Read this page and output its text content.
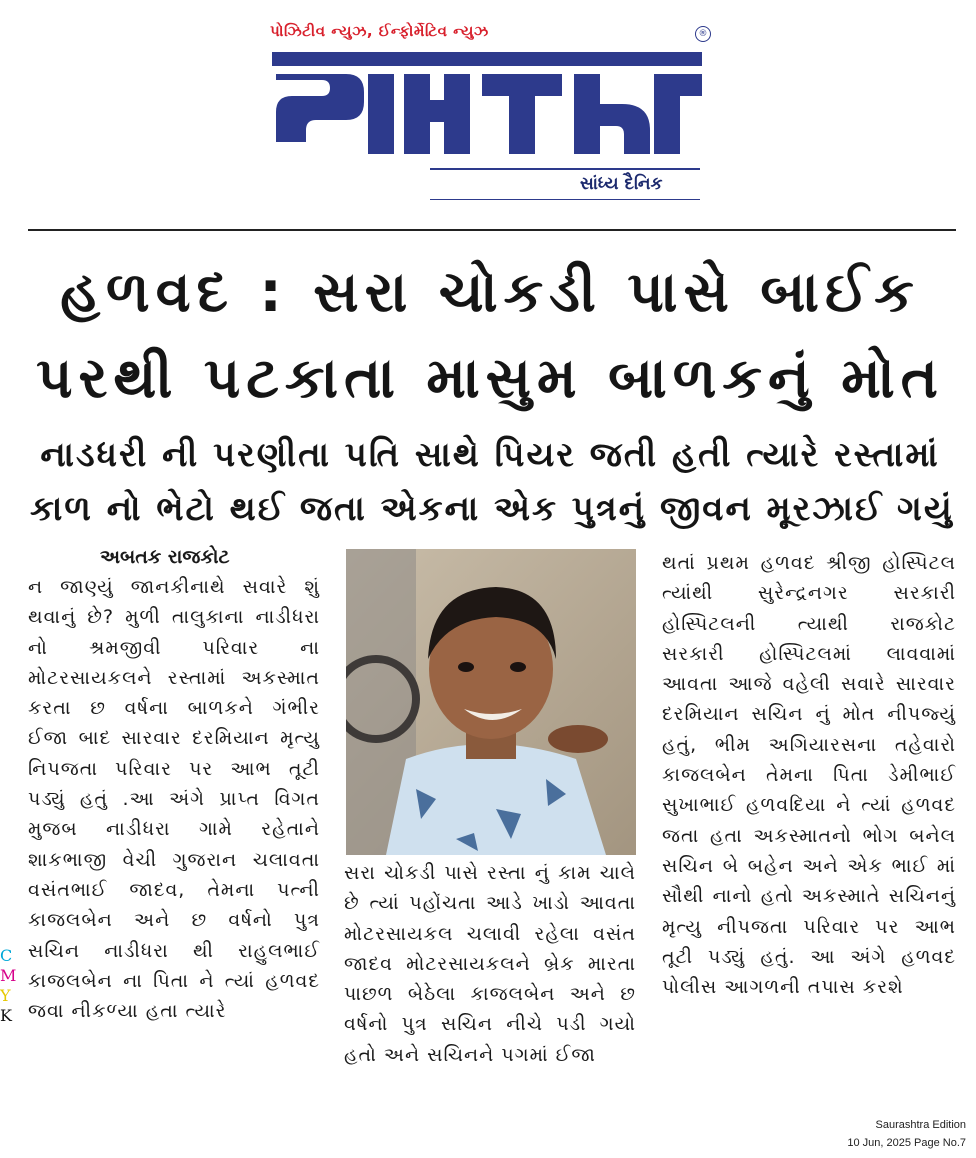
પોઝિટીવ ન્યુઝ, ઈન્ફોર્મેટિવ ન્યુઝ	®
સાંધ્ય દૈનિક
હળવદ : સરા ચોકડી પાસે બાઈક
પરથી પટકાતા માસુમ બાળકનું મોત
નાડધરી ની પરણીતા પતિ સાથે પિયર જતી હતી ત્યારે રસ્તામાં
કાળ નો ભેટો થઈ જતા એકના એક પુત્રનું જીવન મૂરઝાઈ ગયું
અબતક રાજકોટ
ન જાણ્યું જાનકીનાથે સવારે શું થવાનું છે? મુળી તાલુકાના નાડીધરા નો શ્રમજીવી પરિવાર ના મોટરસાયકલને રસ્તામાં અકસ્માત કરતા છ વર્ષના બાળકને ગંભીર ઈજા બાદ સારવાર દરમિયાન મૃત્યુ નિપજતા પરિવાર પર આભ તૂટી પડ્યું હતું .આ અંગે પ્રાપ્ત વિગત મુજબ નાડીધરા ગામે રહેતાને શાકભાજી વેચી ગુજરાન ચલાવતા વસંતભાઈ જાદવ, તેમના પત્ની કાજલબેન અને છ વર્ષનો પુત્ર સચિન નાડીધરા થી રાહુલભાઈ કાજલબેન ના પિતા ને ત્યાં હળવદ જવા નીકળ્યા હતા ત્યારે
સરા ચોકડી પાસે રસ્તા નું કામ ચાલે છે ત્યાં પહોંચતા આડે ખાડો આવતા મોટરસાયકલ ચલાવી રહેલા વસંત જાદવ મોટરસાયકલને બ્રેક મારતા પાછળ બેઠેલા કાજલબેન અને છ વર્ષનો પુત્ર સચિન નીચે પડી ગયો હતો અને સચિનને પગમાં ઈજા
થતાં પ્રથમ હળવદ શ્રીજી હોસ્પિટલ ત્યાંથી સુરેન્દ્રનગર સરકારી હોસ્પિટલની ત્યાથી રાજકોટ સરકારી હોસ્પિટલમાં લાવવામાં આવતા આજે વહેલી સવારે સારવાર દરમિયાન સચિન નું મોત નીપજ્યું હતું, ભીમ અગિયારસના તહેવારો કાજલબેન તેમના પિતા ડેમીભાઈ સુખાભાઈ હળવદિયા ને ત્યાં હળવદ જતા હતા અકસ્માતનો ભોગ બનેલ સચિન બે બહેન અને એક ભાઈ માં સૌથી નાનો હતો અકસ્માતે સચિનનું મૃત્યુ નીપજતા પરિવાર પર આભ તૂટી પડ્યું હતું. આ અંગે હળવદ પોલીસ આગળની તપાસ કરશે
C
M
Y
K
Saurashtra Edition
10 Jun, 2025 Page No.7
